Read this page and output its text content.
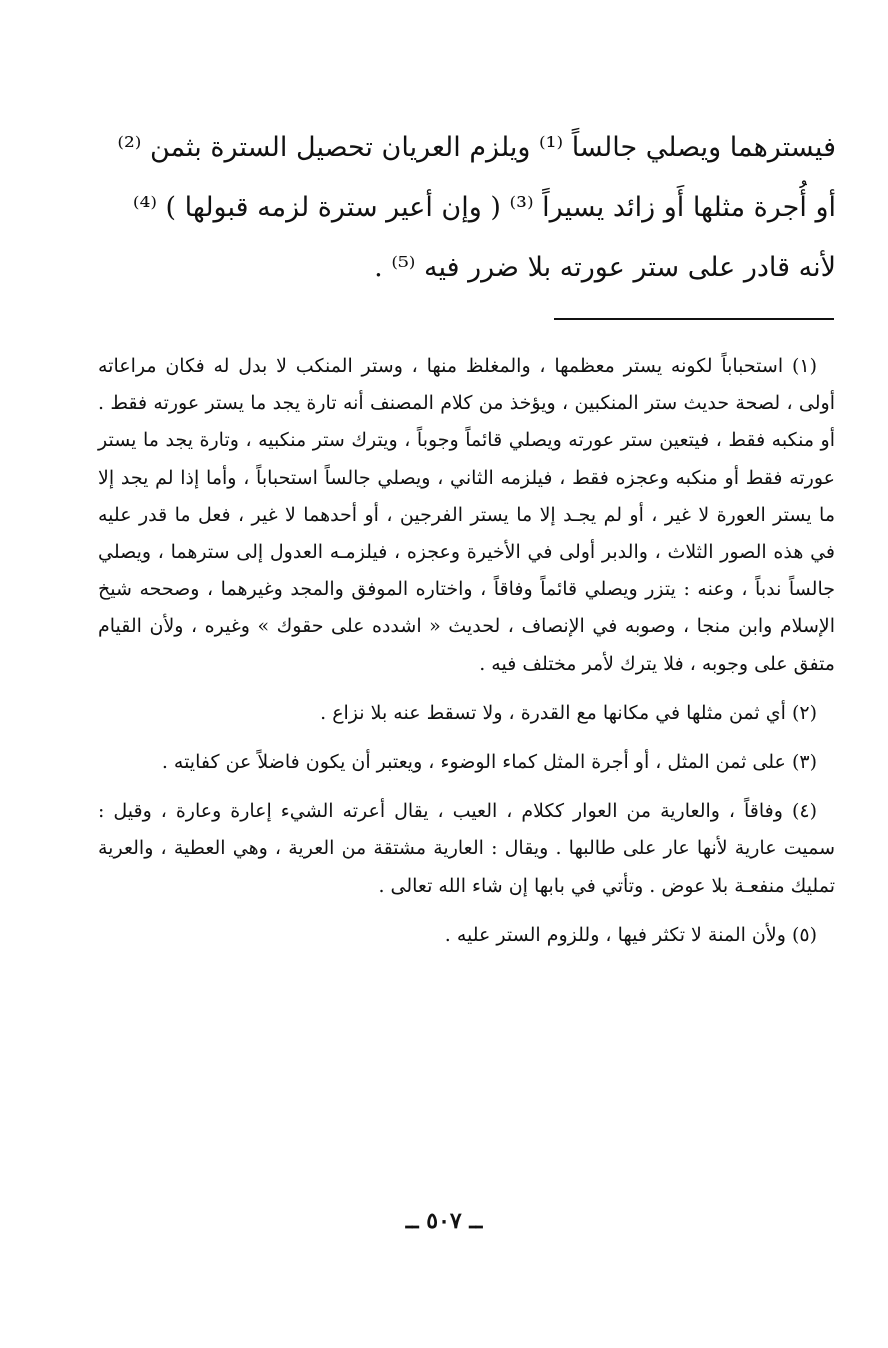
فيسترهما ويصلي جالساً ⁽¹⁾ ويلزم العريان تحصيل السترة بثمن ⁽²⁾
أو أُجرة مثلها أَو زائد يسيراً ⁽³⁾ ( وإن أعير سترة لزمه قبولها ) ⁽⁴⁾
لأنه قادر على ستر عورته بلا ضرر فيه ⁽⁵⁾ .

(١) استحباباً لكونه يستر معظمها ، والمغلظ منها ، وستر المنكب لا بدل له فكان مراعاته أولى ، لصحة حديث ستر المنكبين ، ويؤخذ من كلام المصنف أنه تارة يجد ما يستر عورته فقط . أو منكبه فقط ، فيتعين ستر عورته ويصلي قائماً وجوباً ، ويترك ستر منكبيه ، وتارة يجد ما يستر عورته فقط أو منكبه وعجزه فقط ، فيلزمه الثاني ، ويصلي جالساً استحباباً ، وأما إذا لم يجد إلا ما يستر العورة لا غير ، أو لم يجـد إلا ما يستر الفرجين ، أو أحدهما لا غير ، فعل ما قدر عليه في هذه الصور الثلاث ، والدبر أولى في الأخيرة وعجزه ، فيلزمـه العدول إلى سترهما ، ويصلي جالساً ندباً ، وعنه : يتزر ويصلي قائماً وفاقاً ، واختاره الموفق والمجد وغيرهما ، وصححه شيخ الإسلام وابن منجا ، وصوبه في الإنصاف ، لحديث « اشدده على حقوك » وغيره ، ولأن القيام متفق على وجوبه ، فلا يترك لأمر مختلف فيه .

(٢) أي ثمن مثلها في مكانها مع القدرة ، ولا تسقط عنه بلا نزاع .

(٣) على ثمن المثل ، أو أجرة المثل كماء الوضوء ، ويعتبر أن يكون فاضلاً عن كفايته .

(٤) وفاقاً ، والعارية من العوار ككلام ، العيب ، يقال أعرته الشيء إعارة وعارة ، وقيل : سميت عارية لأنها عار على طالبها . ويقال : العارية مشتقة من العرية ، وهي العطية ، والعرية تمليك منفعـة بلا عوض . وتأتي في بابها إن شاء الله تعالى .

(٥) ولأن المنة لا تكثر فيها ، وللزوم الستر عليه .

ــ ٥٠٧ ــ
